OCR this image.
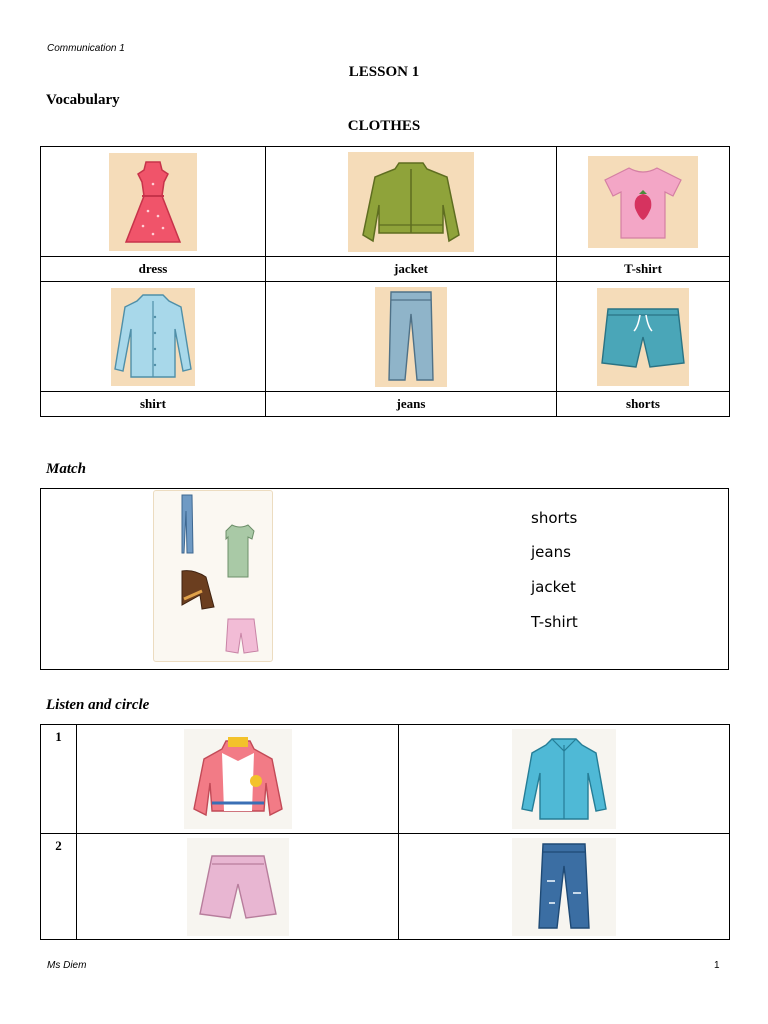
Communication 1
LESSON 1
Vocabulary
CLOTHES

dress	jacket	T-shirt

shirt	jeans	shorts
Match
shorts
jeans
jacket
T-shirt
Listen and circle
1	

2	

Ms Diem	1
